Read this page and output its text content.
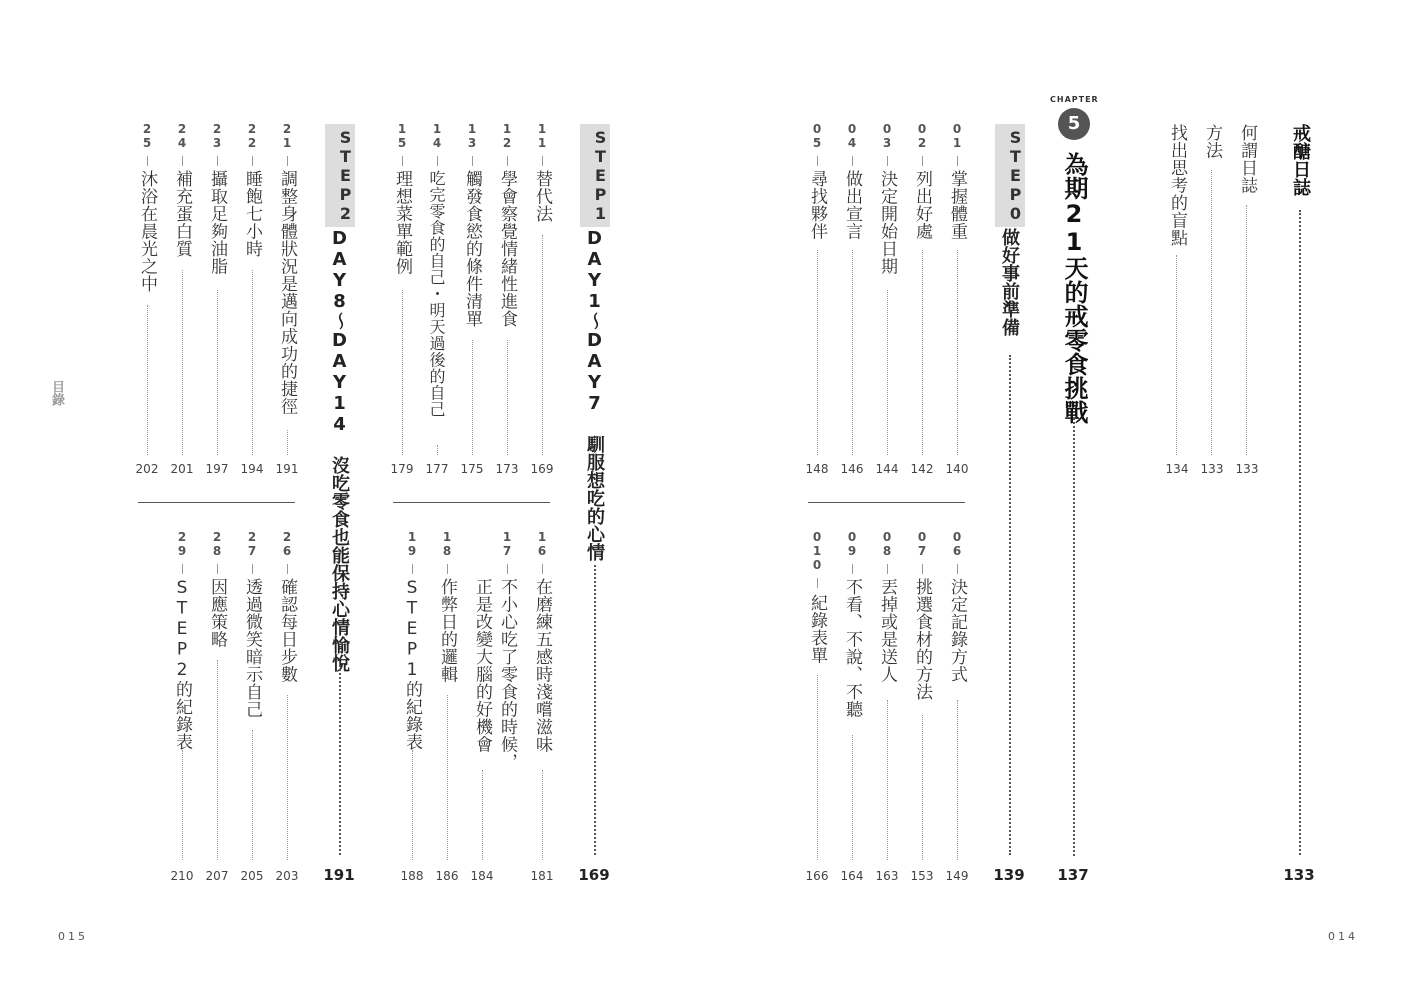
015	014
目錄
戒醣日誌
133
何謂日誌
133
方法
133
找出思考的盲點
134
CHAPTER
5
為期21天的戒零食挑戰
137
STEP0
做好事前準備
139
01
掌握體重
140
02
列出好處
142
03
決定開始日期
144
04
做出宣言
146
05
尋找夥伴
148
06
決定記錄方式
149
07
挑選食材的方法
153
08
丟掉或是送人
163
09
不看、不說、不聽
164
010
紀錄表單
166
STEP1
DAY1～DAY7 馴服想吃的心情
169
11
替代法
169
12
學會察覺情緒性進食
173
13
觸發食慾的條件清單
175
14
吃完零食的自己・明天過後的自己
177
15
理想菜單範例
179
16
在磨練五感時淺嚐滋味
181
17
不小心吃了零食的時候，
正是改變大腦的好機會
184
18
作弊日的邏輯
186
19
STEP1的紀錄表
188
STEP2
DAY8～DAY14 沒吃零食也能保持心情愉悅
191
21
調整身體狀況是邁向成功的捷徑
191
22
睡飽七小時
194
23
攝取足夠油脂
197
24
補充蛋白質
201
25
沐浴在晨光之中
202
26
確認每日步數
203
27
透過微笑暗示自己
205
28
因應策略
207
29
STEP2的紀錄表
210
